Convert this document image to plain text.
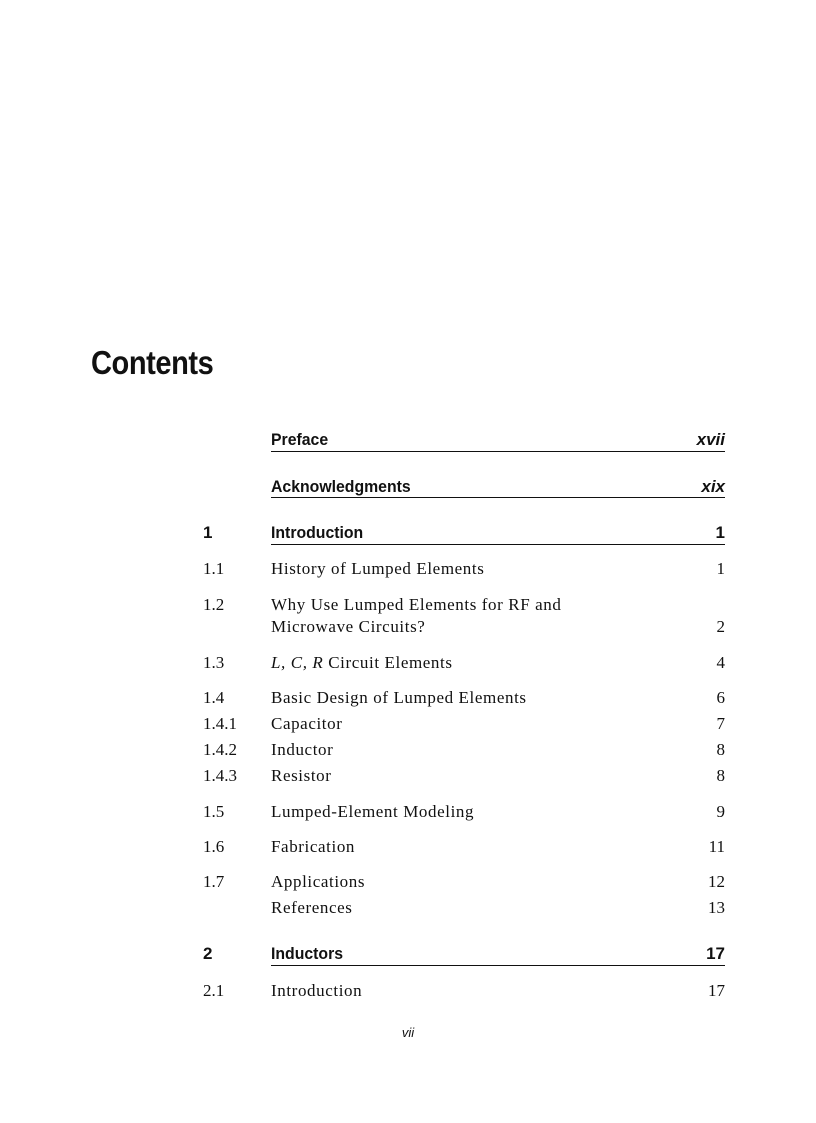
Contents
Preface	xvii
Acknowledgments	xix
1	Introduction	1
1.1	History of Lumped Elements	1
1.2	Why Use Lumped Elements for RF and
Microwave Circuits?	2
1.3	L, C, R Circuit Elements	4
1.4	Basic Design of Lumped Elements	6
1.4.1 Capacitor	7
1.4.2 Inductor	8
1.4.3 Resistor	8
1.5	Lumped-Element Modeling	9
1.6	Fabrication	11
1.7	Applications	12
References	13
2	Inductors	17
2.1	Introduction	17
vii
